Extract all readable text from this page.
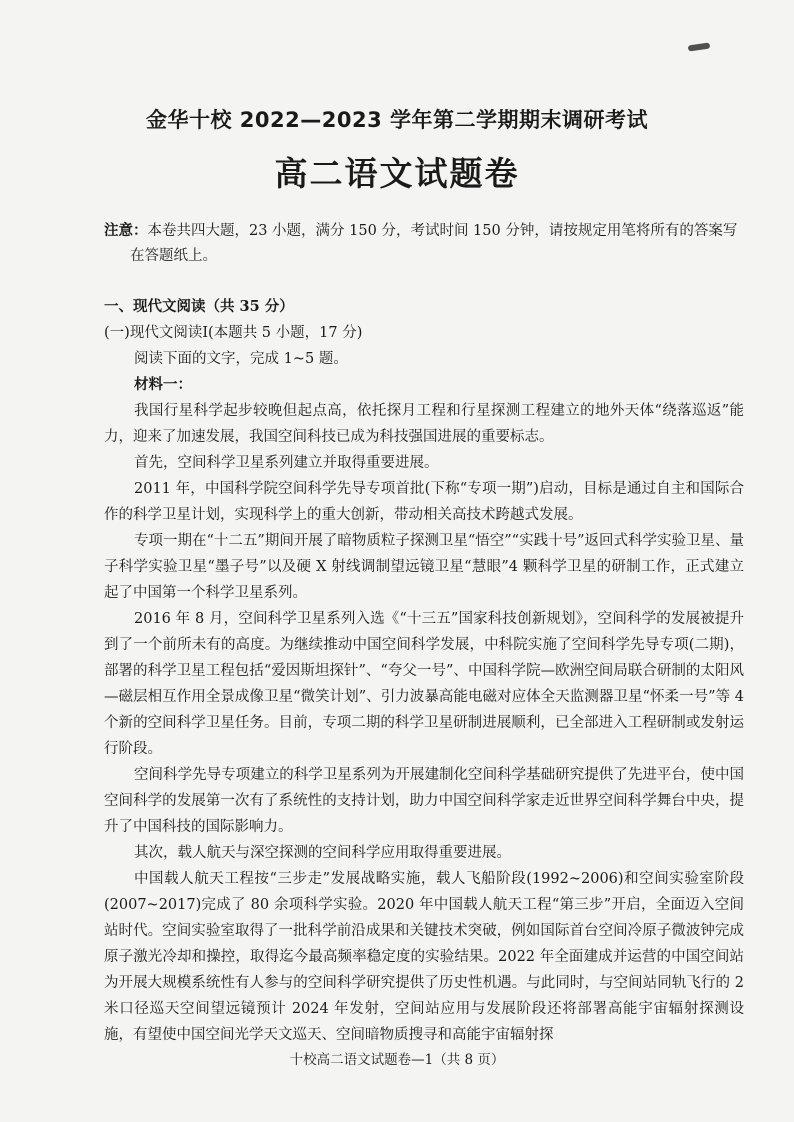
金华十校 2022—2023 学年第二学期期末调研考试
高二语文试题卷
注意：本卷共四大题，23 小题，满分 150 分，考试时间 150 分钟，请按规定用笔将所有的答案写
在答题纸上。
一、现代文阅读（共 35 分）
(一)现代文阅读Ⅰ(本题共 5 小题，17 分)
阅读下面的文字，完成 1~5 题。
材料一：
我国行星科学起步较晚但起点高，依托探月工程和行星探测工程建立的地外天体“绕落巡返”能力，迎来了加速发展，我国空间科技已成为科技强国进展的重要标志。
首先，空间科学卫星系列建立并取得重要进展。
2011 年，中国科学院空间科学先导专项首批(下称“专项一期”)启动，目标是通过自主和国际合作的科学卫星计划，实现科学上的重大创新，带动相关高技术跨越式发展。
专项一期在“十二五”期间开展了暗物质粒子探测卫星“悟空”“实践十号”返回式科学实验卫星、量子科学实验卫星“墨子号”以及硬 X 射线调制望远镜卫星“慧眼”4 颗科学卫星的研制工作，正式建立起了中国第一个科学卫星系列。
2016 年 8 月，空间科学卫星系列入选《“十三五”国家科技创新规划》，空间科学的发展被提升到了一个前所未有的高度。为继续推动中国空间科学发展，中科院实施了空间科学先导专项(二期)，部署的科学卫星工程包括“爱因斯坦探针”、“夸父一号”、中国科学院—欧洲空间局联合研制的太阳风—磁层相互作用全景成像卫星“微笑计划”、引力波暴高能电磁对应体全天监测器卫星“怀柔一号”等 4 个新的空间科学卫星任务。目前，专项二期的科学卫星研制进展顺利，已全部进入工程研制或发射运行阶段。
空间科学先导专项建立的科学卫星系列为开展建制化空间科学基础研究提供了先进平台，使中国空间科学的发展第一次有了系统性的支持计划，助力中国空间科学家走近世界空间科学舞台中央，提升了中国科技的国际影响力。
其次，载人航天与深空探测的空间科学应用取得重要进展。
中国载人航天工程按“三步走”发展战略实施，载人飞船阶段(1992~2006)和空间实验室阶段(2007~2017)完成了 80 余项科学实验。2020 年中国载人航天工程“第三步”开启，全面迈入空间站时代。空间实验室取得了一批科学前沿成果和关键技术突破，例如国际首台空间冷原子微波钟完成原子激光冷却和操控，取得迄今最高频率稳定度的实验结果。2022 年全面建成并运营的中国空间站为开展大规模系统性有人参与的空间科学研究提供了历史性机遇。与此同时，与空间站同轨飞行的 2 米口径巡天空间望远镜预计 2024 年发射，空间站应用与发展阶段还将部署高能宇宙辐射探测设施，有望使中国空间光学天文巡天、空间暗物质搜寻和高能宇宙辐射探
十校高二语文试题卷—1（共 8 页）
